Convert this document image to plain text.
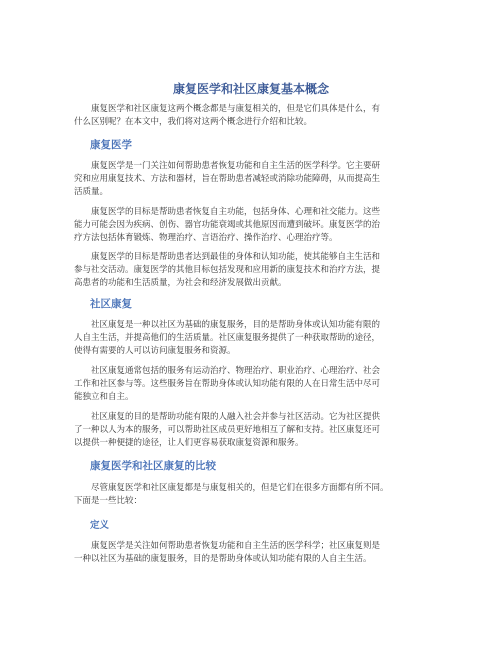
康复医学和社区康复基本概念

康复医学和社区康复这两个概念都是与康复相关的，但是它们具体是什么，有
什么区别呢？在本文中，我们将对这两个概念进行介绍和比较。

康复医学

康复医学是一门关注如何帮助患者恢复功能和自主生活的医学科学。它主要研
究和应用康复技术、方法和器材，旨在帮助患者减轻或消除功能障碍，从而提高生
活质量。

康复医学的目标是帮助患者恢复自主功能，包括身体、心理和社交能力。这些
能力可能会因为疾病、创伤、器官功能衰竭或其他原因而遭到破坏。康复医学的治
疗方法包括体育锻炼、物理治疗、言语治疗、操作治疗、心理治疗等。

康复医学的目标是帮助患者达到最佳的身体和认知功能，使其能够自主生活和
参与社交活动。康复医学的其他目标包括发现和应用新的康复技术和治疗方法，提
高患者的功能和生活质量，为社会和经济发展做出贡献。

社区康复

社区康复是一种以社区为基础的康复服务，目的是帮助身体或认知功能有限的
人自主生活，并提高他们的生活质量。社区康复服务提供了一种获取帮助的途径，
使得有需要的人可以访问康复服务和资源。

社区康复通常包括的服务有运动治疗、物理治疗、职业治疗、心理治疗、社会
工作和社区参与等。这些服务旨在帮助身体或认知功能有限的人在日常生活中尽可
能独立和自主。

社区康复的目的是帮助功能有限的人融入社会并参与社区活动。它为社区提供
了一种以人为本的服务，可以帮助社区成员更好地相互了解和支持。社区康复还可
以提供一种便捷的途径，让人们更容易获取康复资源和服务。

康复医学和社区康复的比较

尽管康复医学和社区康复都是与康复相关的，但是它们在很多方面都有所不同。
下面是一些比较：

定义

康复医学是关注如何帮助患者恢复功能和自主生活的医学科学；社区康复则是
一种以社区为基础的康复服务，目的是帮助身体或认知功能有限的人自主生活。
